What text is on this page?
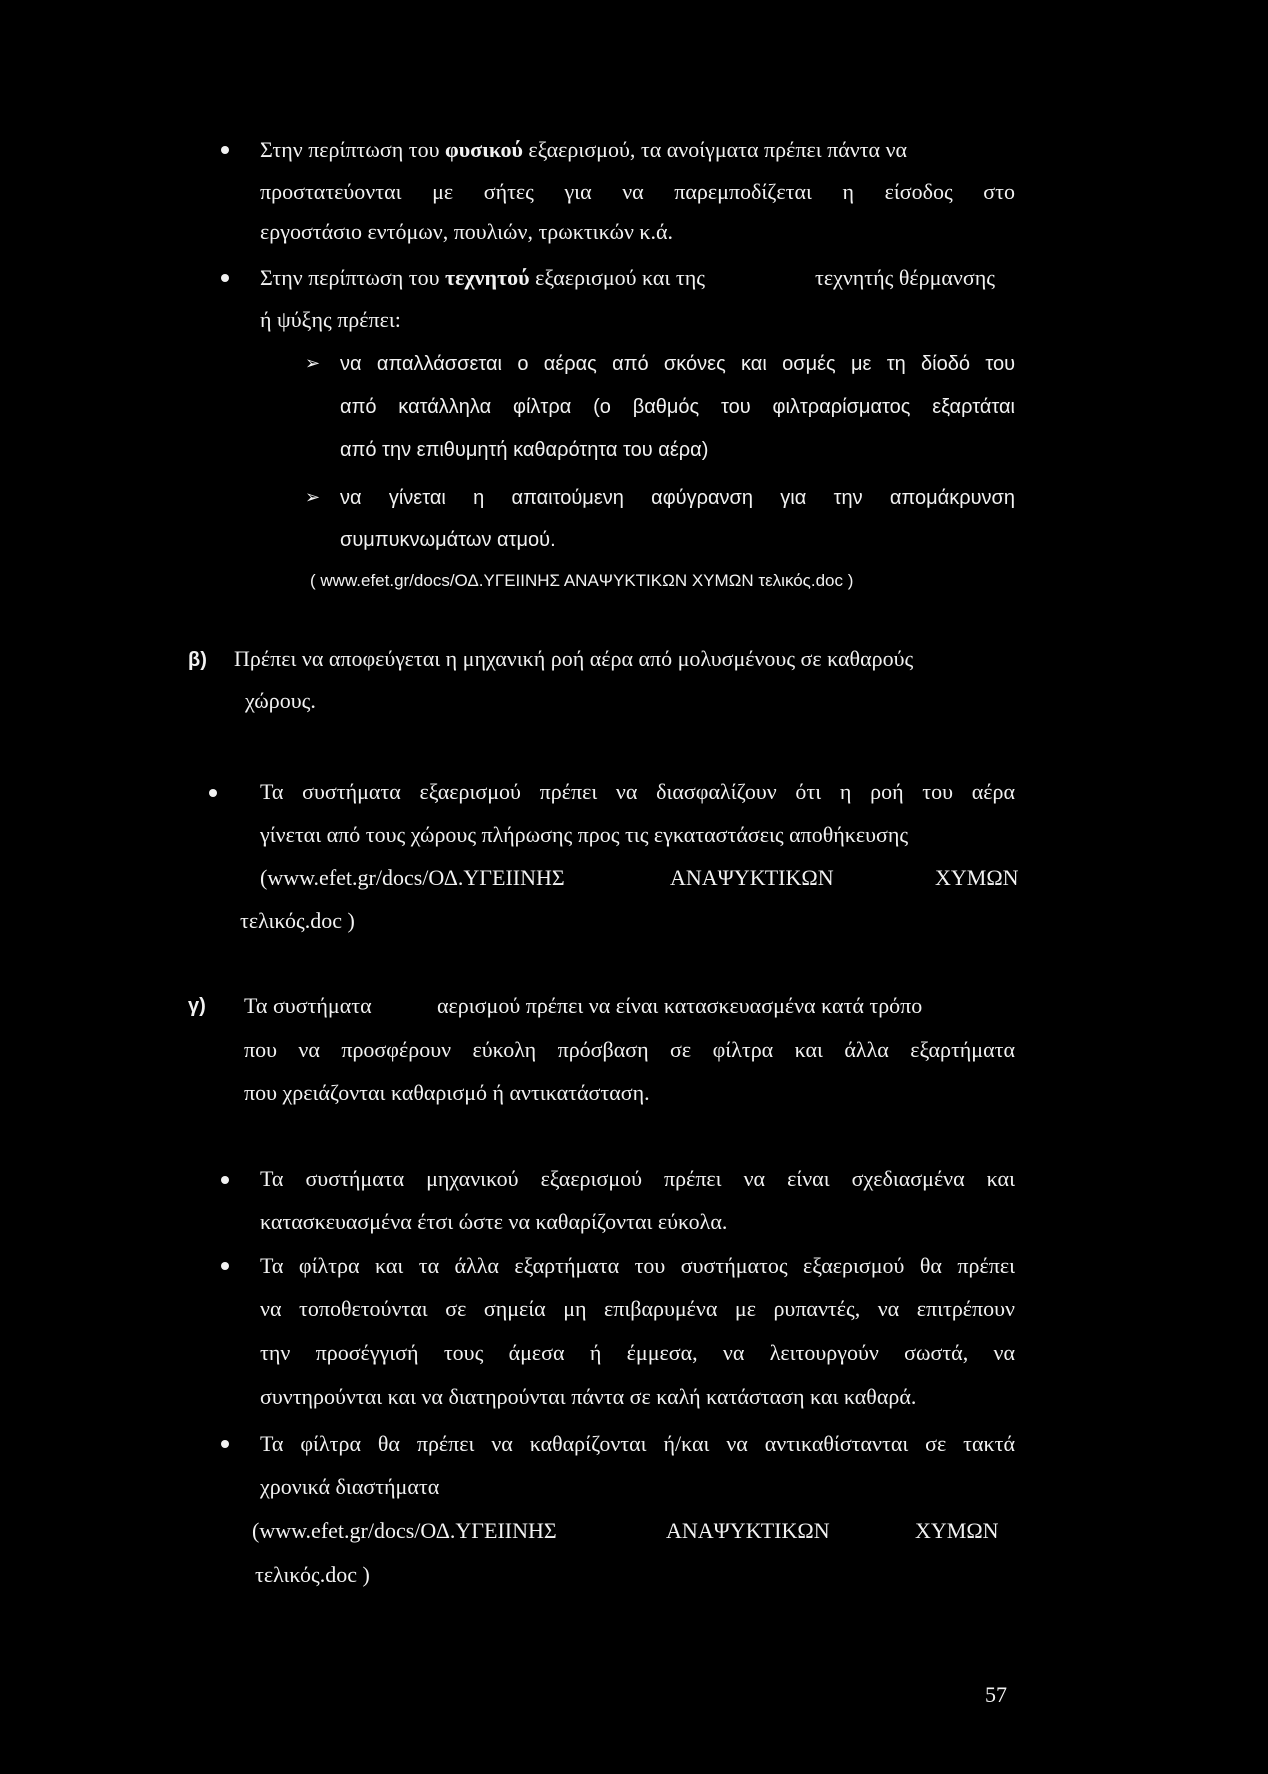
Στην περίπτωση του φυσικού εξαερισμού, τα ανοίγματα πρέπει πάντα να
προστατεύονται με σήτες για να παρεμποδίζεται η είσοδος στο
εργοστάσιο εντόμων, πουλιών, τρωκτικών κ.ά.
Στην περίπτωση του τεχνητού εξαερισμού και της	τεχνητής θέρμανσης
ή ψύξης πρέπει:
➢ να απαλλάσσεται ο αέρας από σκόνες και οσμές με τη δίοδό του
από κατάλληλα φίλτρα (ο βαθμός του φιλτραρίσματος εξαρτάται
από την επιθυμητή καθαρότητα του αέρα)
➢ να γίνεται η απαιτούμενη αφύγρανση για την απομάκρυνση
συμπυκνωμάτων ατμού.
( www.efet.gr/docs/ΟΔ.ΥΓΕΙΙΝΗΣ ΑΝΑΨΥΚΤΙΚΩΝ ΧΥΜΩΝ τελικός.doc )
β) Πρέπει να αποφεύγεται η μηχανική ροή αέρα από μολυσμένους σε καθαρούς
χώρους.
Τα συστήματα εξαερισμού πρέπει να διασφαλίζουν ότι η ροή του αέρα
γίνεται από τους χώρους πλήρωσης προς τις εγκαταστάσεις αποθήκευσης
(www.efet.gr/docs/ΟΔ.ΥΓΕΙΙΝΗΣ	ΑΝΑΨΥΚΤΙΚΩΝ	ΧΥΜΩΝ
τελικός.doc )
γ) Τα συστήματα	αερισμού πρέπει να είναι κατασκευασμένα κατά τρόπο
που να προσφέρουν εύκολη πρόσβαση σε φίλτρα και άλλα εξαρτήματα
που χρειάζονται καθαρισμό ή αντικατάσταση.
Τα συστήματα μηχανικού εξαερισμού πρέπει να είναι σχεδιασμένα και
κατασκευασμένα έτσι ώστε να καθαρίζονται εύκολα.
Τα φίλτρα και τα άλλα εξαρτήματα του συστήματος εξαερισμού θα πρέπει
να τοποθετούνται σε σημεία μη επιβαρυμένα με ρυπαντές, να επιτρέπουν
την προσέγγισή τους άμεσα ή έμμεσα, να λειτουργούν σωστά, να
συντηρούνται και να διατηρούνται πάντα σε καλή κατάσταση και καθαρά.
Τα φίλτρα θα πρέπει να καθαρίζονται ή/και να αντικαθίστανται σε τακτά
χρονικά διαστήματα
(www.efet.gr/docs/ΟΔ.ΥΓΕΙΙΝΗΣ	ΑΝΑΨΥΚΤΙΚΩΝ	ΧΥΜΩΝ
τελικός.doc )
57
